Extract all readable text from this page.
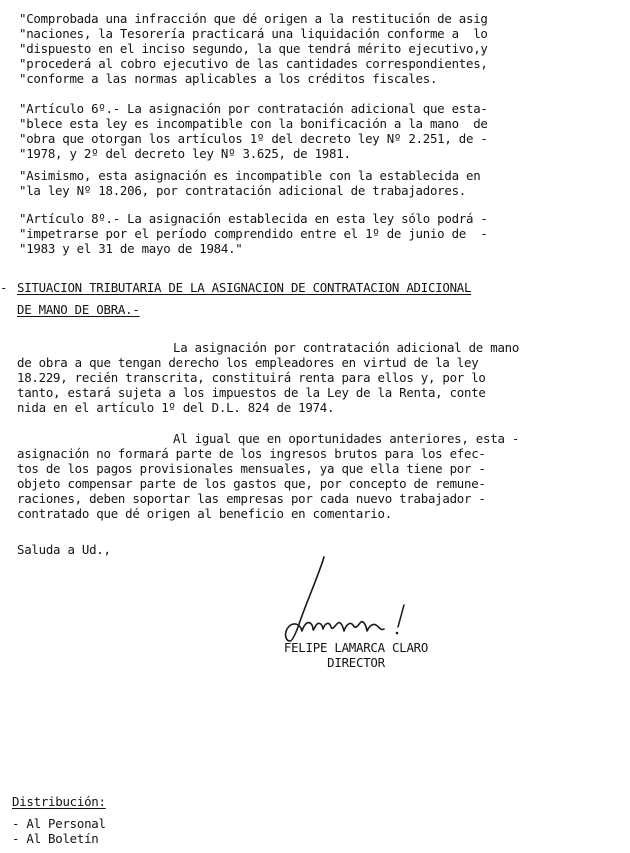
"Comprobada una infracción que dé origen a la restitución de asig
"naciones, la Tesorería practicará una liquidación conforme a  lo
"dispuesto en el inciso segundo, la que tendrá mérito ejecutivo,y
"procederá al cobro ejecutivo de las cantidades correspondientes,
"conforme a las normas aplicables a los créditos fiscales.
"Artículo 6º.- La asignación por contratación adicional que esta-
"blece esta ley es incompatible con la bonificación a la mano  de
"obra que otorgan los artículos 1º del decreto ley Nº 2.251, de -
"1978, y 2º del decreto ley Nº 3.625, de 1981.
"Asimismo, esta asignación es incompatible con la establecida en
"la ley Nº 18.206, por contratación adicional de trabajadores.
"Artículo 8º.- La asignación establecida en esta ley sólo podrá -
"impetrarse por el período comprendido entre el 1º de junio de  -
"1983 y el 31 de mayo de 1984."
- SITUACION TRIBUTARIA DE LA ASIGNACION DE CONTRATACION ADICIONAL
DE MANO DE OBRA.-
La asignación por contratación adicional de mano
de obra a que tengan derecho los empleadores en virtud de la ley
18.229, recién transcrita, constituirá renta para ellos y, por lo
tanto, estará sujeta a los impuestos de la Ley de la Renta, conte
nida en el artículo 1º del D.L. 824 de 1974.
Al igual que en oportunidades anteriores, esta -
asignación no formará parte de los ingresos brutos para los efec-
tos de los pagos provisionales mensuales, ya que ella tiene por -
objeto compensar parte de los gastos que, por concepto de remune-
raciones, deben soportar las empresas por cada nuevo trabajador -
contratado que dé origen al beneficio en comentario.
Saluda a Ud.,
FELIPE LAMARCA CLARO
DIRECTOR
Distribución:
- Al Personal
- Al Boletín
